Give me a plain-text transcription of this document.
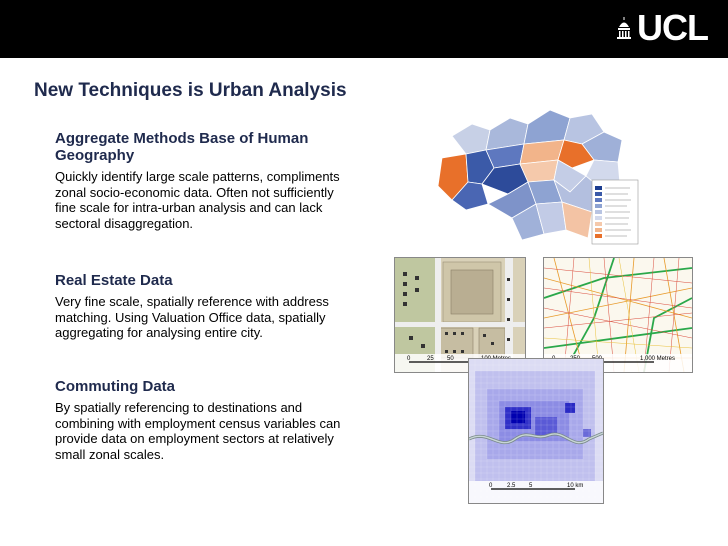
UCL
New Techniques is Urban Analysis
Aggregate Methods Base of Human Geography

Quickly identify large scale patterns, compliments zonal socio-economic data. Often not sufficiently fine scale for intra-urban analysis and can lack sectoral disaggregation.

Real Estate Data

Very fine scale, spatially reference with address matching. Using Valuation Office data, spatially aggregating for analysing entire city.

Commuting Data

By spatially referencing to destinations and combining with employment census variables can provide data on employment sectors at relatively small zonal scales.

0	25 50	1,000 Metres
0 2.5 5	10 km
